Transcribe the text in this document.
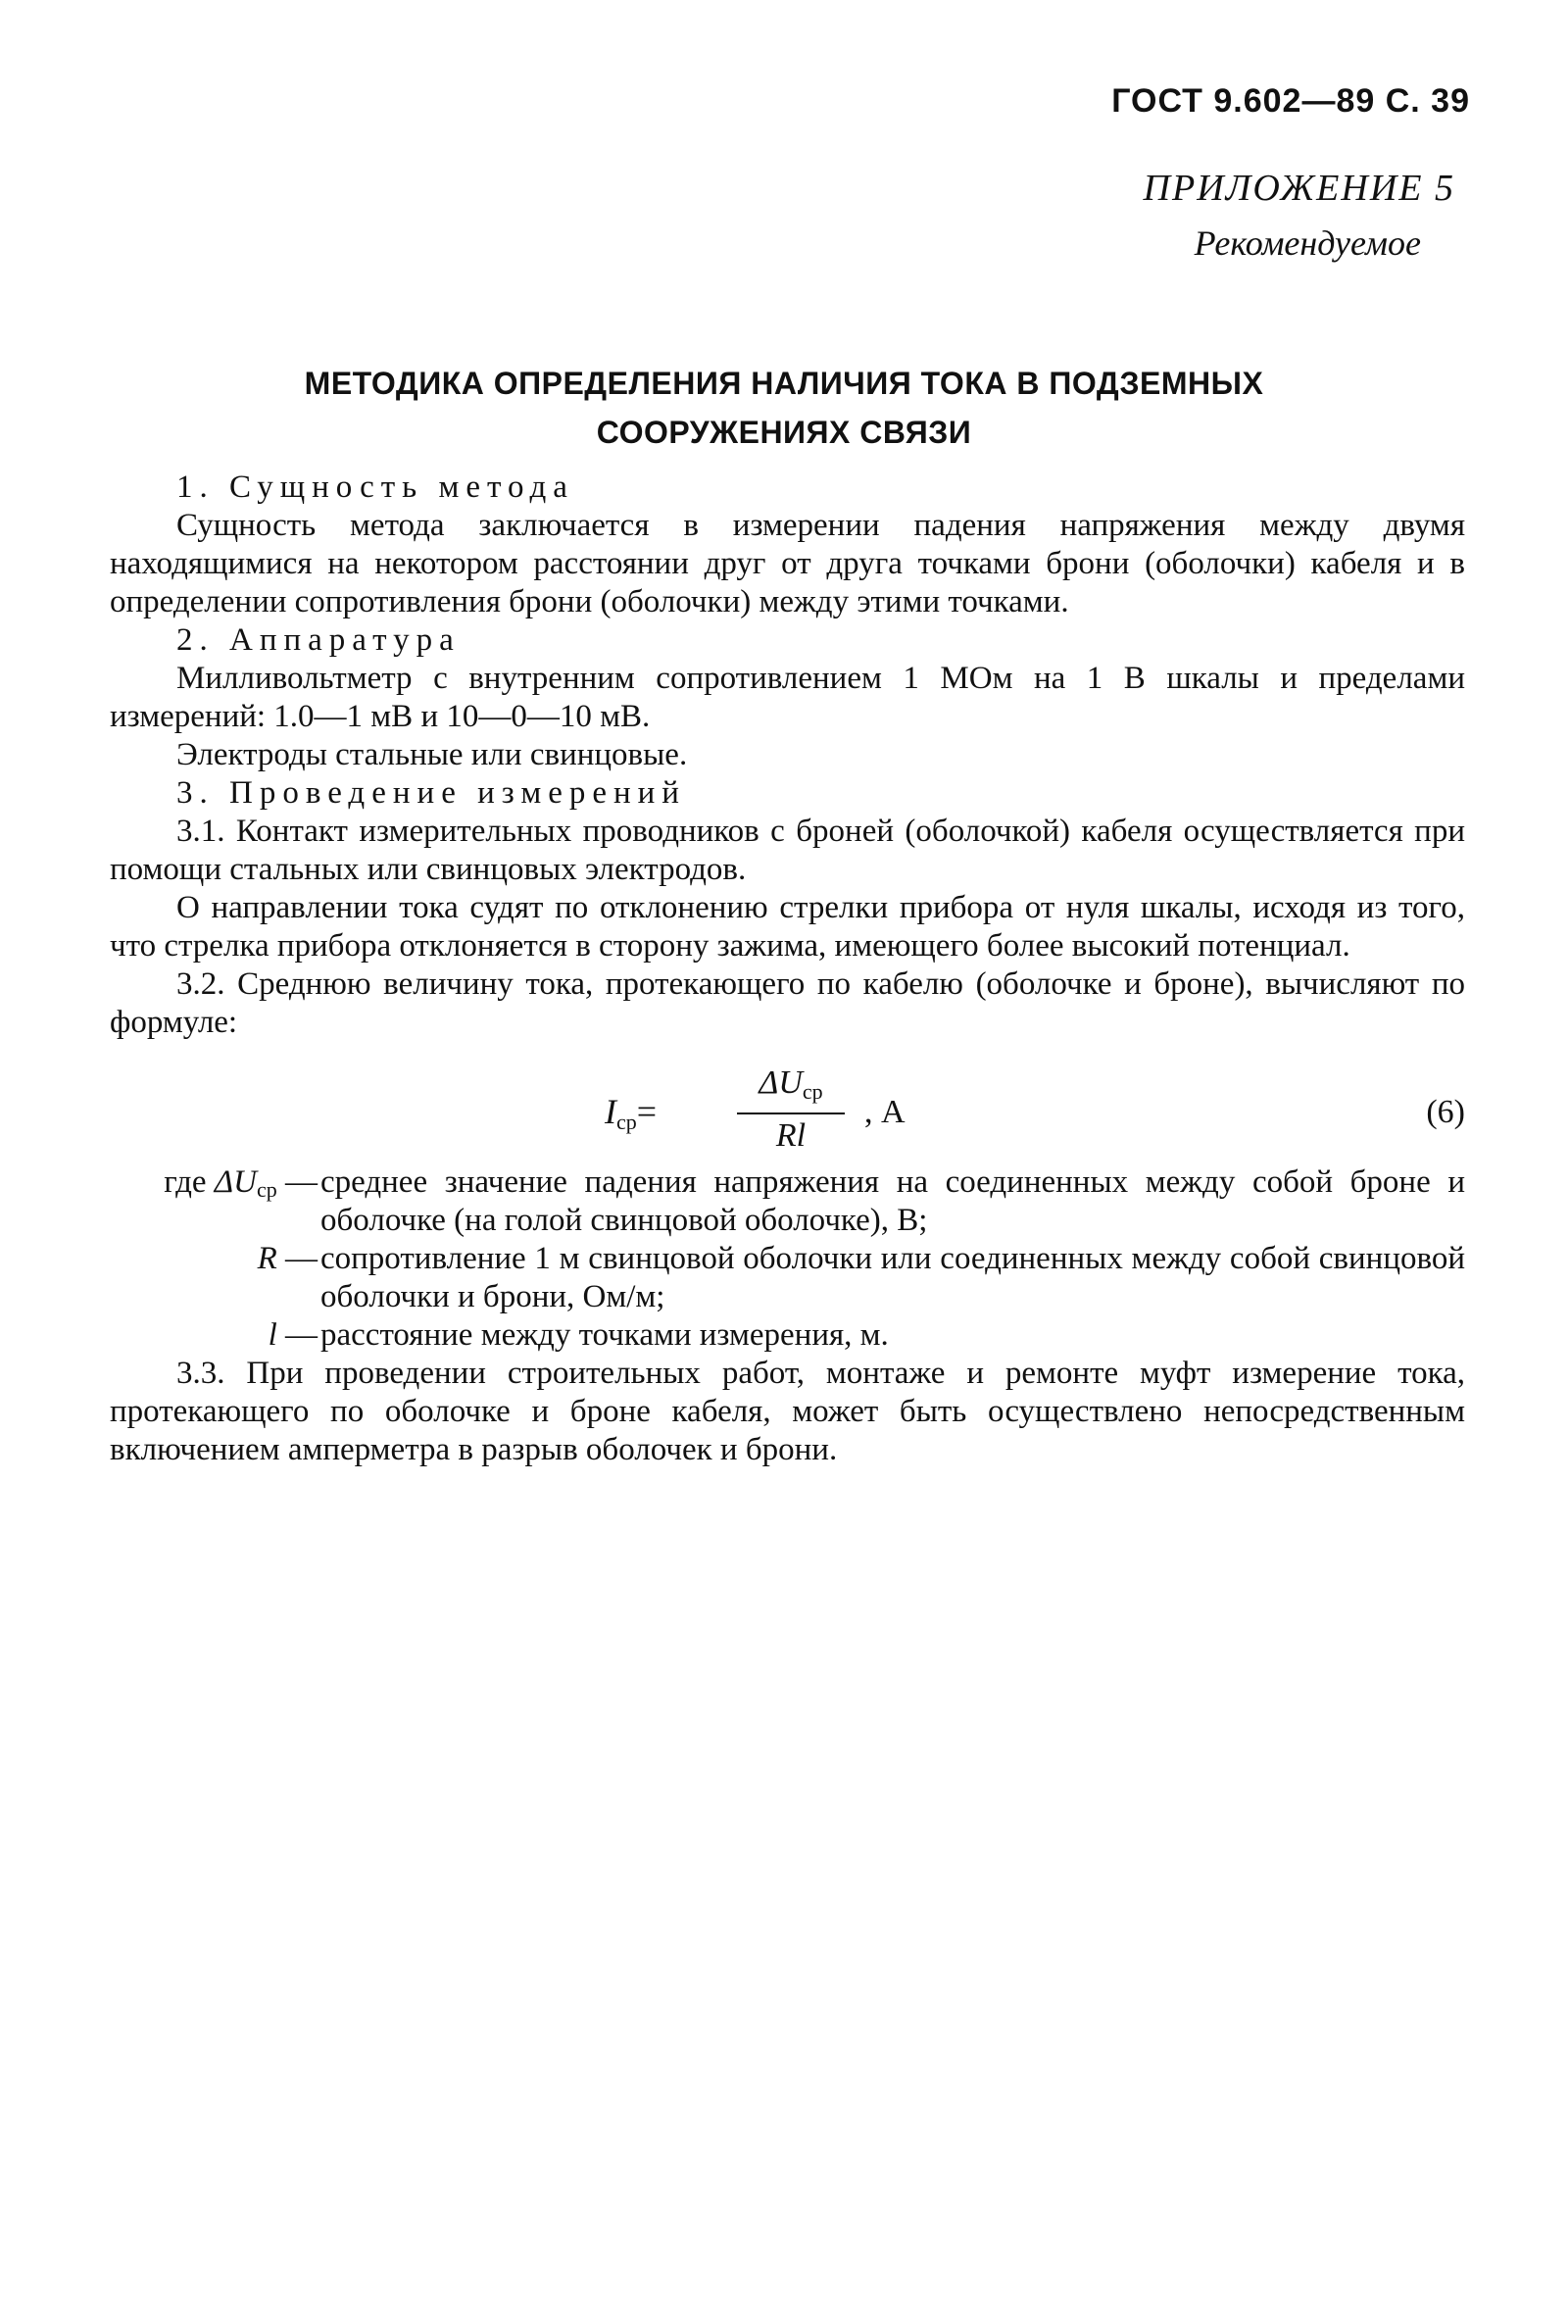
ГОСТ 9.602—89 С. 39
ПРИЛОЖЕНИЕ 5
Рекомендуемое
МЕТОДИКА ОПРЕДЕЛЕНИЯ НАЛИЧИЯ ТОКА В ПОДЗЕМНЫХ
СООРУЖЕНИЯХ СВЯЗИ

1. Сущность метода

Сущность метода заключается в измерении падения напряжения между двумя находящимися на некотором расстоянии друг от друга точками брони (оболочки) кабеля и в определении сопротивления брони (оболочки) между этими точками.

2. Аппаратура

Милливольтметр с внутренним сопротивлением 1 МОм на 1 В шкалы и пределами измерений: 1.0—1 мВ и 10—0—10 мВ.

Электроды стальные или свинцовые.

3. Проведение измерений

3.1. Контакт измерительных проводников с броней (оболочкой) кабеля осуществляется при помощи стальных или свинцовых электродов.

О направлении тока судят по отклонению стрелки прибора от нуля шкалы, исходя из того, что стрелка прибора отклоняется в сторону зажима, имеющего более высокий потенциал.

3.2. Среднюю величину тока, протекающего по кабелю (оболочке и броне), вычисляют по формуле:

$I_{ср}=$
$\Delta U_{ср}$
Rl
, А	(6)
где ΔUср — среднее значение падения напряжения на соединенных между собой броне и оболочке (на голой свинцовой оболочке), В;
R — сопротивление 1 м свинцовой оболочки или соединенных между собой свинцовой оболочки и брони, Ом/м;
l — расстояние между точками измерения, м.

3.3. При проведении строительных работ, монтаже и ремонте муфт измерение тока, протекающего по оболочке и броне кабеля, может быть осуществлено непосредственным включением амперметра в разрыв оболочек и брони.
